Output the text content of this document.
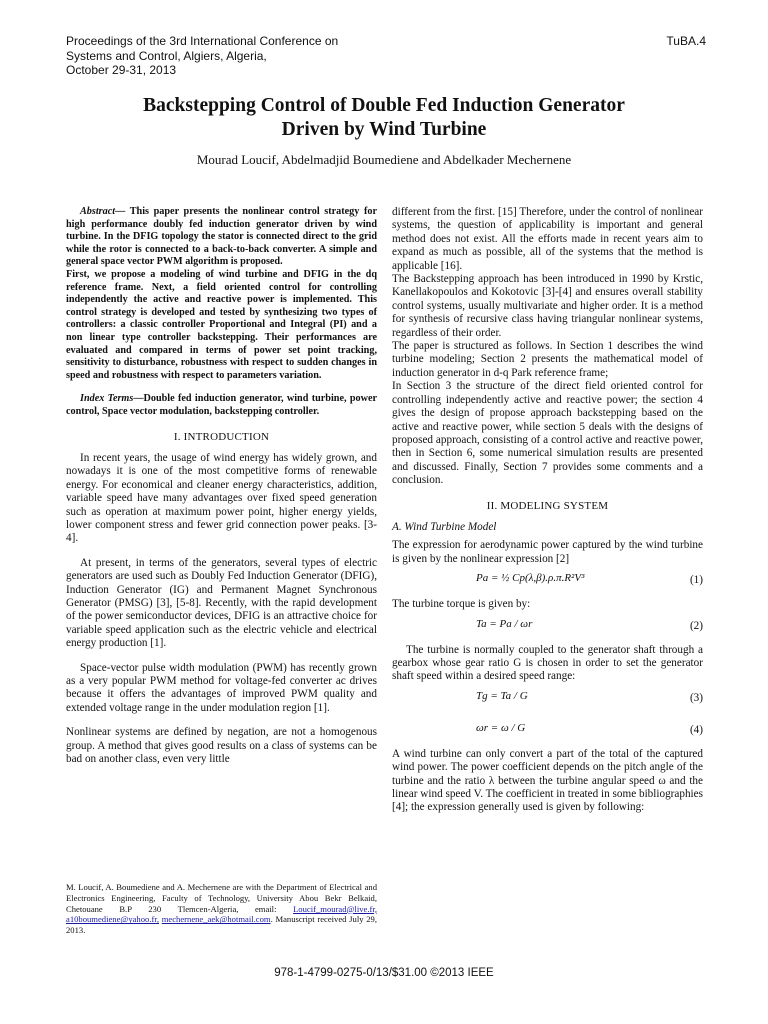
Proceedings of the 3rd International Conference on
Systems and Control, Algiers, Algeria,
October 29-31, 2013
TuBA.4
Backstepping Control of Double Fed Induction Generator
Driven by Wind Turbine
Mourad Loucif, Abdelmadjid Boumediene and Abdelkader Mechernene

Abstract— This paper presents the nonlinear control strategy for high performance doubly fed induction generator driven by wind turbine. In the DFIG topology the stator is connected direct to the grid while the rotor is connected to a back-to-back converter. A simple and general space vector PWM algorithm is proposed.

First, we propose a modeling of wind turbine and DFIG in the dq reference frame. Next, a field oriented control for controlling independently the active and reactive power is implemented. This control strategy is developed and tested by synthesizing two types of controllers: a classic controller Proportional and Integral (PI) and a non linear type controller backstepping. Their performances are evaluated and compared in terms of power set point tracking, sensitivity to disturbance, robustness with respect to sudden changes in speed and robustness with respect to parameters variation.

Index Terms—Double fed induction generator, wind turbine, power control, Space vector modulation, backstepping controller.

I. INTRODUCTION

In recent years, the usage of wind energy has widely grown, and nowadays it is one of the most competitive forms of renewable energy. For economical and cleaner energy characteristics, addition, variable speed have many advantages over fixed speed generation such as operation at maximum power point, higher energy yields, lower component stress and fewer grid connection power peaks. [3-4].

At present, in terms of the generators, several types of electric generators are used such as Doubly Fed Induction Generator (DFIG), Induction Generator (IG) and Permanent Magnet Synchronous Generator (PMSG) [3], [5-8]. Recently, with the rapid development of the power semiconductor devices, DFIG is an attractive choice for variable speed application such as the electric vehicle and electrical energy production [1].

Space-vector pulse width modulation (PWM) has recently grown as a very popular PWM method for voltage-fed converter ac drives because it offers the advantages of improved PWM quality and extended voltage range in the under modulation region [1].

Nonlinear systems are defined by negation, are not a homogenous group. A method that gives good results on a class of systems can be bad on another class, even very little

different from the first. [15] Therefore, under the control of nonlinear systems, the question of applicability is important and general method does not exist. All the efforts made in recent years aim to expand as much as possible, all of the systems that the method is applicable [16].

The Backstepping approach has been introduced in 1990 by Krstic, Kanellakopoulos and Kokotovic [3]-[4] and ensures overall stability control systems, usually multivariate and higher order. It is a method for synthesis of recursive class having triangular nonlinear systems, regardless of their order.

The paper is structured as follows. In Section 1 describes the wind turbine modeling; Section 2 presents the mathematical model of induction generator in d-q Park reference frame;

In Section 3 the structure of the direct field oriented control for controlling independently active and reactive power; the section 4 gives the design of propose approach backstepping based on the active and reactive power, while section 5 deals with the designs of proposed approach, consisting of a control active and reactive power, then in Section 6, some numerical simulation results are presented and discussed. Finally, Section 7 provides some comments and a conclusion.

II. MODELING SYSTEM
A. Wind Turbine Model

The expression for aerodynamic power captured by the wind turbine is given by the nonlinear expression [2]

Pa = ½ Cp(λ,β).ρ.π.R²V³	(1)

The turbine torque is given by:

Ta = Pa / ωr	(2)

The turbine is normally coupled to the generator shaft through a gearbox whose gear ratio G is chosen in order to set the generator shaft speed within a desired speed range:

Tg = Ta / G	(3)
ωr = ω / G	(4)

A wind turbine can only convert a part of the total of the captured wind power. The power coefficient depends on the pitch angle of the turbine and the ratio λ between the turbine angular speed ω and the linear wind speed V. The coefficient in treated in some bibliographies [4]; the expression generally used is given by following:

M. Loucif, A. Boumediene and A. Mechernene are with the Department of Electrical and Electronics Engineering, Faculty of Technology, University Abou Bekr Belkaid, Chetouane B.P 230 Tlemcen-Algeria, email: Loucif_mourad@live.fr, a10boumediene@yahoo.fr, mechernene_aek@hotmail.com. Manuscript received July 29, 2013.
978-1-4799-0275-0/13/$31.00 ©2013 IEEE
